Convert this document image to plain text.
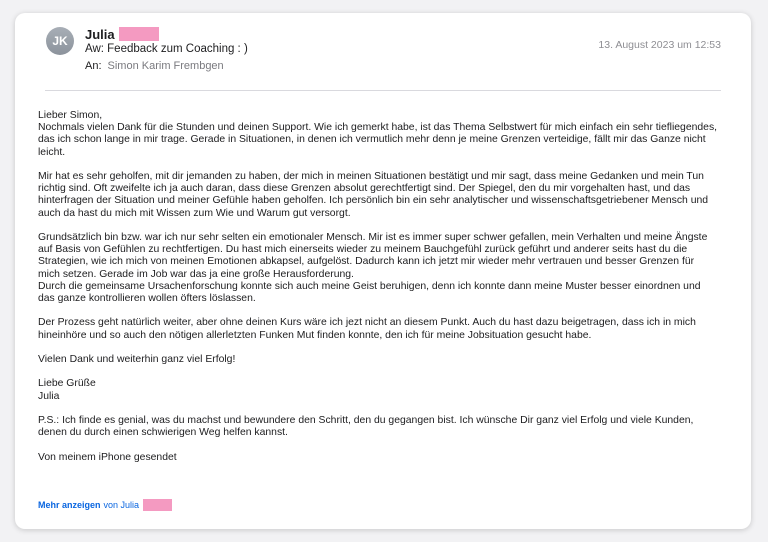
JK	Julia
Aw: Feedback zum Coaching : )
An: Simon Karim Frembgen
13. August 2023 um 12:53

Lieber Simon,
Nochmals vielen Dank für die Stunden und deinen Support. Wie ich gemerkt habe, ist das Thema Selbstwert für mich einfach ein sehr tiefliegendes, das ich schon lange in mir trage. Gerade in Situationen, in denen ich vermutlich mehr denn je meine Grenzen verteidige, fällt mir das Ganze nicht leicht.

Mir hat es sehr geholfen, mit dir jemanden zu haben, der mich in meinen Situationen bestätigt und mir sagt, dass meine Gedanken und mein Tun richtig sind. Oft zweifelte ich ja auch daran, dass diese Grenzen absolut gerechtfertigt sind. Der Spiegel, den du mir vorgehalten hast, und das hinterfragen der Situation und meiner Gefühle haben geholfen. Ich persönlich bin ein sehr analytischer und wissenschaftsgetriebener Mensch und auch da hast du mich mit Wissen zum Wie und Warum gut versorgt.

Grundsätzlich bin bzw. war ich nur sehr selten ein emotionaler Mensch. Mir ist es immer super schwer gefallen, mein Verhalten und meine Ängste auf Basis von Gefühlen zu rechtfertigen. Du hast mich einerseits wieder zu meinem Bauchgefühl zurück geführt und anderer seits hast du die Strategien, wie ich mich von meinen Emotionen abkapsel, aufgelöst. Dadurch kann ich jetzt mir wieder mehr vertrauen und besser Grenzen für mich setzen. Gerade im Job war das ja eine große Herausforderung.
Durch die gemeinsame Ursachenforschung konnte sich auch meine Geist beruhigen, denn ich konnte dann meine Muster besser einordnen und das ganze kontrollieren wollen öfters löslassen.

Der Prozess geht natürlich weiter, aber ohne deinen Kurs wäre ich jezt nicht an diesem Punkt. Auch du hast dazu beigetragen, dass ich in mich hineinhöre und so auch den nötigen allerletzten Funken Mut finden konnte, den ich für meine Jobsituation gesucht habe.

Vielen Dank und weiterhin ganz viel Erfolg!

Liebe Grüße
Julia

P.S.: Ich finde es genial, was du machst und bewundere den Schritt, den du gegangen bist. Ich wünsche Dir ganz viel Erfolg und viele Kunden, denen du durch einen schwierigen Weg helfen kannst.

Von meinem iPhone gesendet

Mehr anzeigen von Julia
